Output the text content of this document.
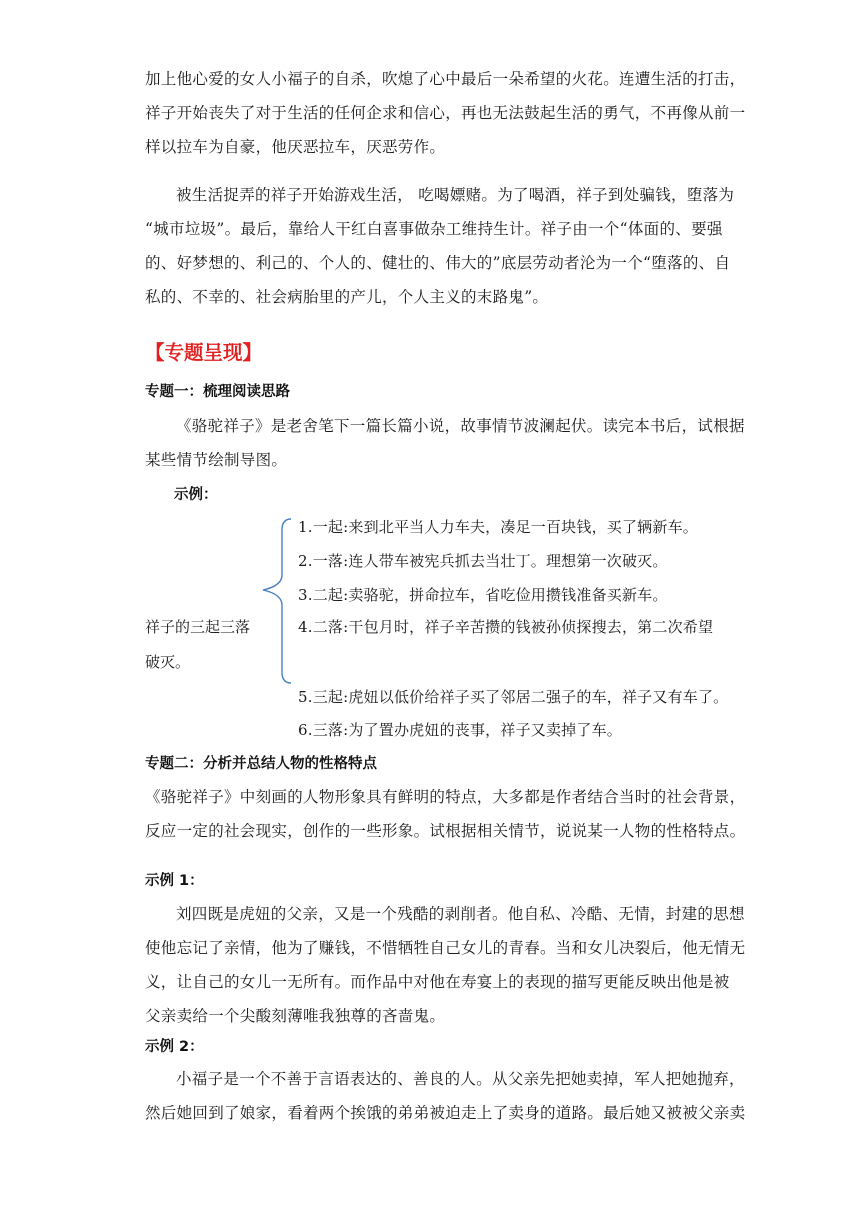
加上他心爱的女人小福子的自杀，吹熄了心中最后一朵希望的火花。连遭生活的打击，
祥子开始丧失了对于生活的任何企求和信心，再也无法鼓起生活的勇气，不再像从前一
样以拉车为自豪，他厌恶拉车，厌恶劳作。
被生活捉弄的祥子开始游戏生活， 吃喝嫖赌。为了喝酒，祥子到处骗钱，堕落为
“城市垃圾”。最后，靠给人干红白喜事做杂工维持生计。祥子由一个“体面的、要强
的、好梦想的、利己的、个人的、健壮的、伟大的”底层劳动者沦为一个“堕落的、自
私的、不幸的、社会病胎里的产儿，个人主义的末路鬼”。
【专题呈现】
专题一：梳理阅读思路
《骆驼祥子》是老舍笔下一篇长篇小说，故事情节波澜起伏。读完本书后，试根据
某些情节绘制导图。
示例：

1.一起:来到北平当人力车夫，凑足一百块钱，买了辆新车。

2.一落:连人带车被宪兵抓去当壮丁。理想第一次破灭。

3.二起:卖骆驼，拼命拉车，省吃俭用攒钱准备买新车。

祥子的三起三落	4.二落:干包月时，祥子辛苦攒的钱被孙侦探搜去，第二次希望

破灭。

5.三起:虎妞以低价给祥子买了邻居二强子的车，祥子又有车了。

6.三落:为了置办虎妞的丧事，祥子又卖掉了车。

专题二：分析并总结人物的性格特点
《骆驼祥子》中刻画的人物形象具有鲜明的特点，大多都是作者结合当时的社会背景，
反应一定的社会现实，创作的一些形象。试根据相关情节，说说某一人物的性格特点。
示例 1：
刘四既是虎妞的父亲，又是一个残酷的剥削者。他自私、冷酷、无情，封建的思想
使他忘记了亲情，他为了赚钱，不惜牺牲自己女儿的青春。当和女儿决裂后，他无情无
义，让自己的女儿一无所有。而作品中对他在寿宴上的表现的描写更能反映出他是被
父亲卖给一个尖酸刻薄唯我独尊的吝啬鬼。
示例 2：
小福子是一个不善于言语表达的、善良的人。从父亲先把她卖掉，军人把她抛弃，
然后她回到了娘家，看着两个挨饿的弟弟被迫走上了卖身的道路。最后她又被被父亲卖
